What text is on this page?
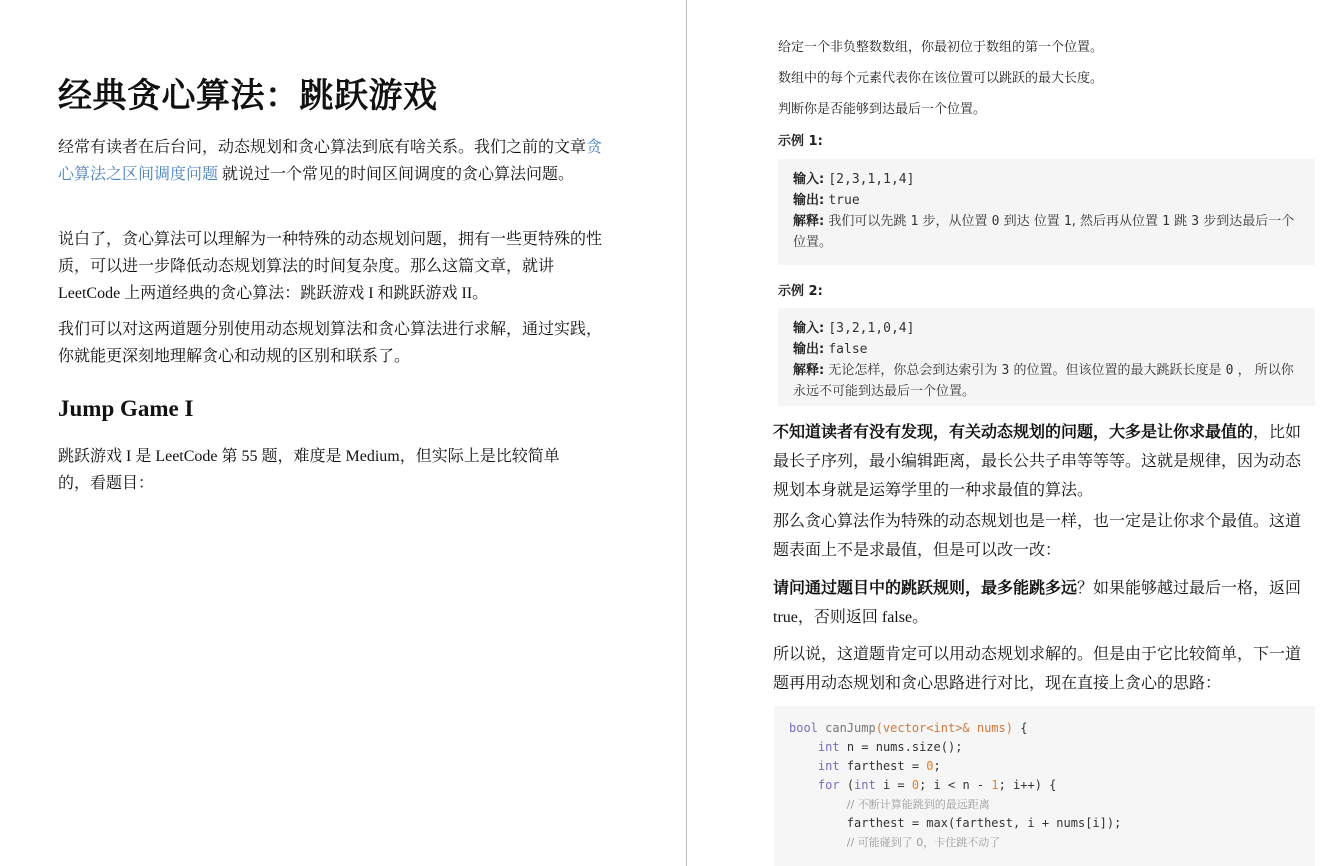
经典贪心算法：跳跃游戏

经常有读者在后台问，动态规划和贪心算法到底有啥关系。我们之前的文章贪心算法之区间调度问题 就说过一个常见的时间区间调度的贪心算法问题。

说白了，贪心算法可以理解为一种特殊的动态规划问题，拥有一些更特殊的性质，可以进一步降低动态规划算法的时间复杂度。那么这篇文章，就讲 LeetCode 上两道经典的贪心算法：跳跃游戏 I 和跳跃游戏 II。

我们可以对这两道题分别使用动态规划算法和贪心算法进行求解，通过实践，你就能更深刻地理解贪心和动规的区别和联系了。

Jump Game I

跳跃游戏 I 是 LeetCode 第 55 题，难度是 Medium，但实际上是比较简单的，看题目：

给定一个非负整数数组，你最初位于数组的第一个位置。

数组中的每个元素代表你在该位置可以跳跃的最大长度。

判断你是否能够到达最后一个位置。

示例 1:

输入: [2,3,1,1,4]
输出: true
解释: 我们可以先跳 1 步，从位置 0 到达 位置 1, 然后再从位置 1 跳 3 步到达最后一个位置。

示例 2:

输入: [3,2,1,0,4]
输出: false
解释: 无论怎样，你总会到达索引为 3 的位置。但该位置的最大跳跃长度是 0 ， 所以你永远不可能到达最后一个位置。

不知道读者有没有发现，有关动态规划的问题，大多是让你求最值的，比如最长子序列，最小编辑距离，最长公共子串等等等。这就是规律，因为动态规划本身就是运筹学里的一种求最值的算法。

那么贪心算法作为特殊的动态规划也是一样，也一定是让你求个最值。这道题表面上不是求最值，但是可以改一改：

请问通过题目中的跳跃规则，最多能跳多远？如果能够越过最后一格，返回 true，否则返回 false。

所以说，这道题肯定可以用动态规划求解的。但是由于它比较简单，下一道题再用动态规划和贪心思路进行对比，现在直接上贪心的思路：

bool canJump(vector<int>& nums) {
int n = nums.size();
int farthest = 0;
for (int i = 0; i < n - 1; i++) {
// 不断计算能跳到的最远距离
farthest = max(farthest, i + nums[i]);
// 可能碰到了 0，卡住跳不动了
